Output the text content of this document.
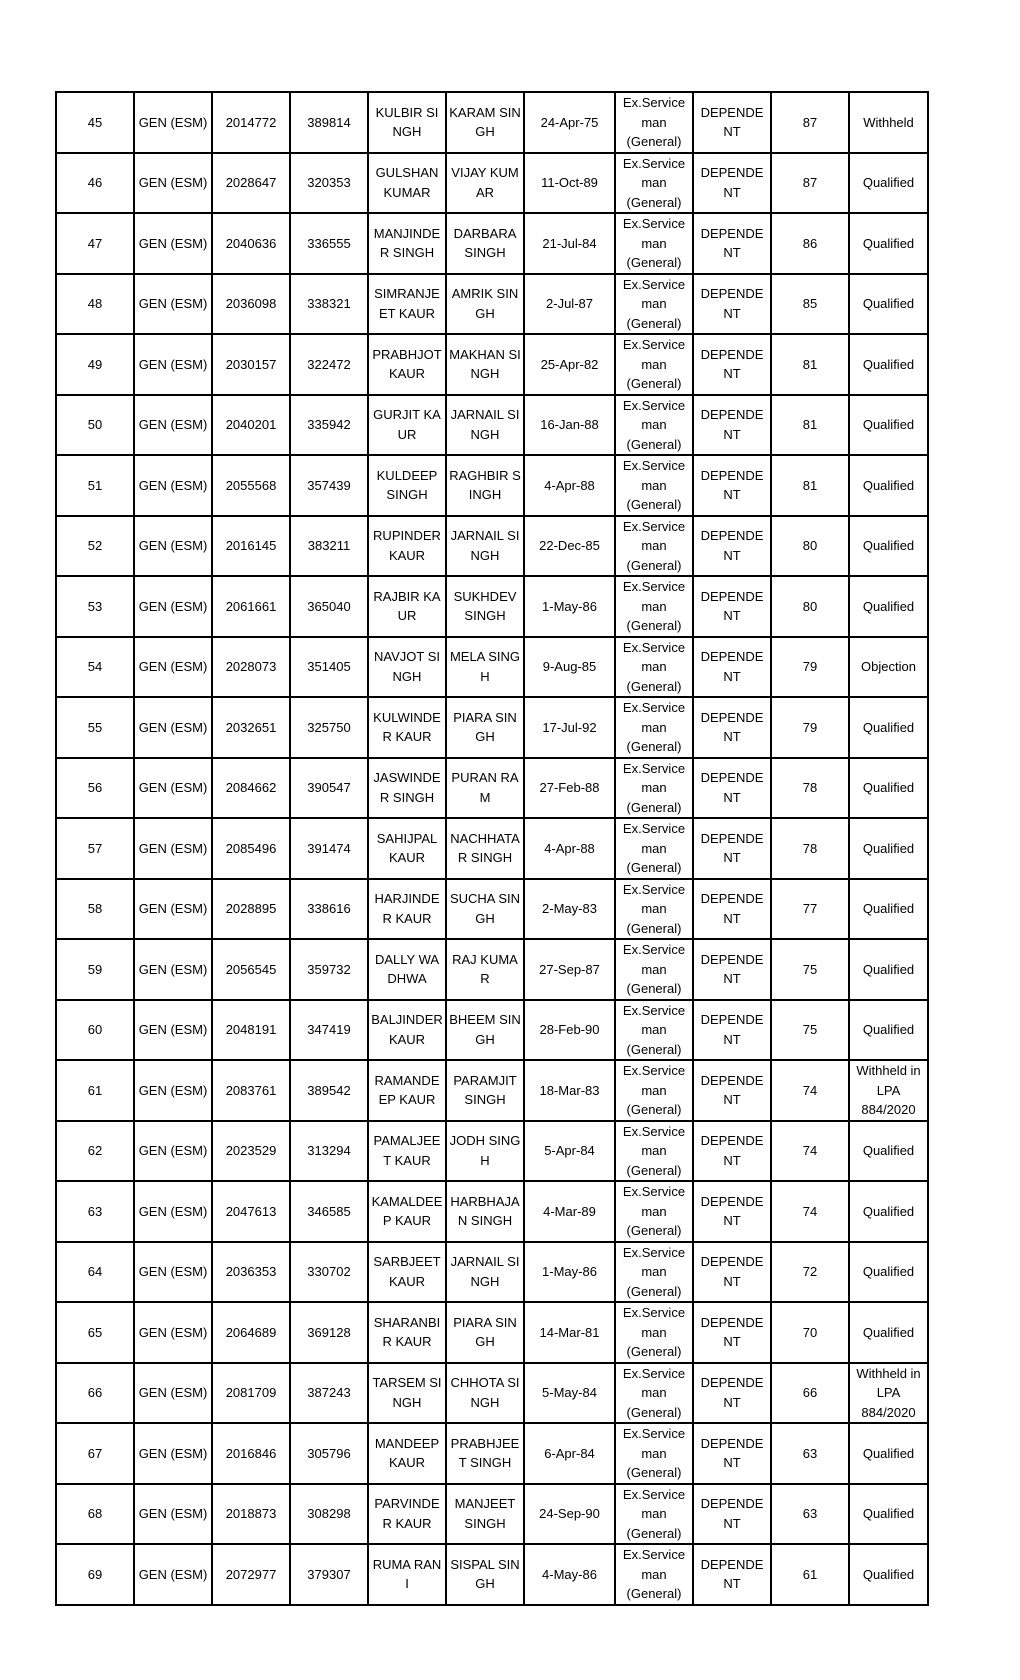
45	GEN (ESM)	2014772	389814	KULBIR SINGH	KARAM SINGH	24-Apr-75	Ex.Service man (General)	DEPENDENT	87	Withheld
46	GEN (ESM)	2028647	320353	GULSHAN KUMAR	VIJAY KUMAR	11-Oct-89	Ex.Service man (General)	DEPENDENT	87	Qualified
47	GEN (ESM)	2040636	336555	MANJINDER SINGH	DARBARA SINGH	21-Jul-84	Ex.Service man (General)	DEPENDENT	86	Qualified
48	GEN (ESM)	2036098	338321	SIMRANJEET KAUR	AMRIK SINGH	2-Jul-87	Ex.Service man (General)	DEPENDENT	85	Qualified
49	GEN (ESM)	2030157	322472	PRABHJOT KAUR	MAKHAN SINGH	25-Apr-82	Ex.Service man (General)	DEPENDENT	81	Qualified
50	GEN (ESM)	2040201	335942	GURJIT KAUR	JARNAIL SINGH	16-Jan-88	Ex.Service man (General)	DEPENDENT	81	Qualified
51	GEN (ESM)	2055568	357439	KULDEEP SINGH	RAGHBIR SINGH	4-Apr-88	Ex.Service man (General)	DEPENDENT	81	Qualified
52	GEN (ESM)	2016145	383211	RUPINDER KAUR	JARNAIL SINGH	22-Dec-85	Ex.Service man (General)	DEPENDENT	80	Qualified
53	GEN (ESM)	2061661	365040	RAJBIR KAUR	SUKHDEV SINGH	1-May-86	Ex.Service man (General)	DEPENDENT	80	Qualified
54	GEN (ESM)	2028073	351405	NAVJOT SINGH	MELA SINGH	9-Aug-85	Ex.Service man (General)	DEPENDENT	79	Objection
55	GEN (ESM)	2032651	325750	KULWINDER KAUR	PIARA SINGH	17-Jul-92	Ex.Service man (General)	DEPENDENT	79	Qualified
56	GEN (ESM)	2084662	390547	JASWINDER SINGH	PURAN RAM	27-Feb-88	Ex.Service man (General)	DEPENDENT	78	Qualified
57	GEN (ESM)	2085496	391474	SAHIJPAL KAUR	NACHHATAR SINGH	4-Apr-88	Ex.Service man (General)	DEPENDENT	78	Qualified
58	GEN (ESM)	2028895	338616	HARJINDER KAUR	SUCHA SINGH	2-May-83	Ex.Service man (General)	DEPENDENT	77	Qualified
59	GEN (ESM)	2056545	359732	DALLY WADHWA	RAJ KUMAR	27-Sep-87	Ex.Service man (General)	DEPENDENT	75	Qualified
60	GEN (ESM)	2048191	347419	BALJINDER KAUR	BHEEM SINGH	28-Feb-90	Ex.Service man (General)	DEPENDENT	75	Qualified
61	GEN (ESM)	2083761	389542	RAMANDEEP KAUR	PARAMJIT SINGH	18-Mar-83	Ex.Service man (General)	DEPENDENT	74	Withheld in LPA 884/2020
62	GEN (ESM)	2023529	313294	PAMALJEET KAUR	JODH SINGH	5-Apr-84	Ex.Service man (General)	DEPENDENT	74	Qualified
63	GEN (ESM)	2047613	346585	KAMALDEEP KAUR	HARBHAJAN SINGH	4-Mar-89	Ex.Service man (General)	DEPENDENT	74	Qualified
64	GEN (ESM)	2036353	330702	SARBJEET KAUR	JARNAIL SINGH	1-May-86	Ex.Service man (General)	DEPENDENT	72	Qualified
65	GEN (ESM)	2064689	369128	SHARANBIR KAUR	PIARA SINGH	14-Mar-81	Ex.Service man (General)	DEPENDENT	70	Qualified
66	GEN (ESM)	2081709	387243	TARSEM SINGH	CHHOTA SINGH	5-May-84	Ex.Service man (General)	DEPENDENT	66	Withheld in LPA 884/2020
67	GEN (ESM)	2016846	305796	MANDEEP KAUR	PRABHJEET SINGH	6-Apr-84	Ex.Service man (General)	DEPENDENT	63	Qualified
68	GEN (ESM)	2018873	308298	PARVINDER KAUR	MANJEET SINGH	24-Sep-90	Ex.Service man (General)	DEPENDENT	63	Qualified
69	GEN (ESM)	2072977	379307	RUMA RANI	SISPAL SINGH	4-May-86	Ex.Service man (General)	DEPENDENT	61	Qualified
